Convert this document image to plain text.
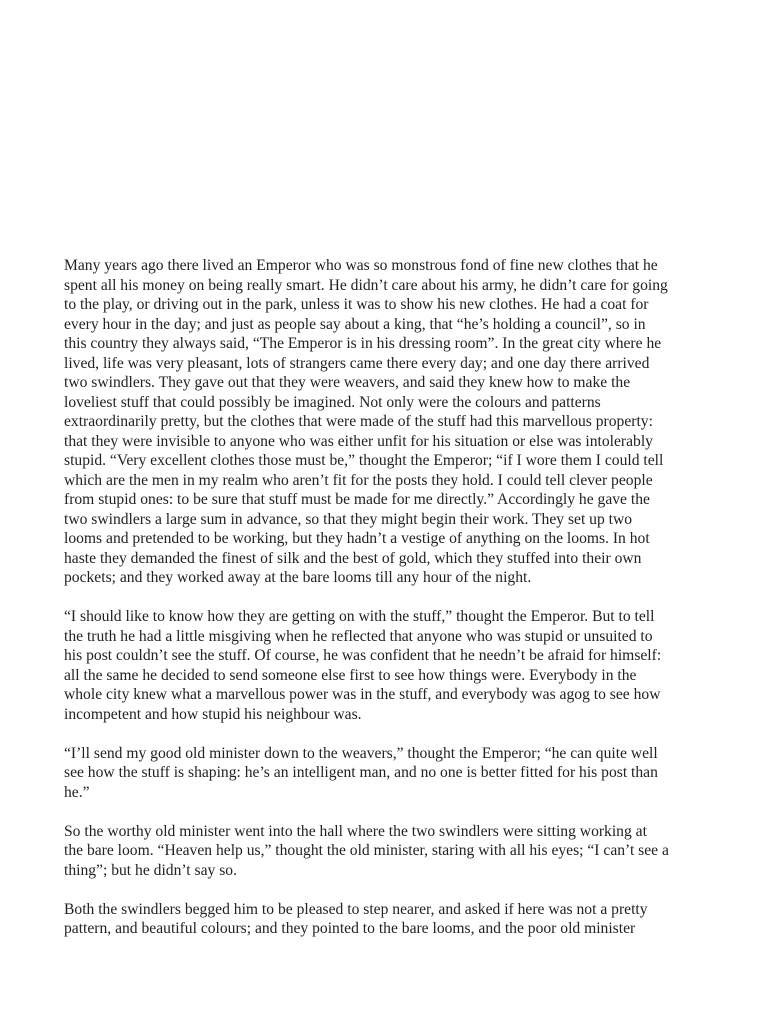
Many years ago there lived an Emperor who was so monstrous fond of fine new clothes that he
spent all his money on being really smart. He didn’t care about his army, he didn’t care for going
to the play, or driving out in the park, unless it was to show his new clothes. He had a coat for
every hour in the day; and just as people say about a king, that “he’s holding a council”, so in
this country they always said, “The Emperor is in his dressing room”. In the great city where he
lived, life was very pleasant, lots of strangers came there every day; and one day there arrived
two swindlers. They gave out that they were weavers, and said they knew how to make the
loveliest stuff that could possibly be imagined. Not only were the colours and patterns
extraordinarily pretty, but the clothes that were made of the stuff had this marvellous property:
that they were invisible to anyone who was either unfit for his situation or else was intolerably
stupid. “Very excellent clothes those must be,” thought the Emperor; “if I wore them I could tell
which are the men in my realm who aren’t fit for the posts they hold. I could tell clever people
from stupid ones: to be sure that stuff must be made for me directly.” Accordingly he gave the
two swindlers a large sum in advance, so that they might begin their work. They set up two
looms and pretended to be working, but they hadn’t a vestige of anything on the looms. In hot
haste they demanded the finest of silk and the best of gold, which they stuffed into their own
pockets; and they worked away at the bare looms till any hour of the night.

“I should like to know how they are getting on with the stuff,” thought the Emperor. But to tell
the truth he had a little misgiving when he reflected that anyone who was stupid or unsuited to
his post couldn’t see the stuff. Of course, he was confident that he needn’t be afraid for himself:
all the same he decided to send someone else first to see how things were. Everybody in the
whole city knew what a marvellous power was in the stuff, and everybody was agog to see how
incompetent and how stupid his neighbour was.

“I’ll send my good old minister down to the weavers,” thought the Emperor; “he can quite well
see how the stuff is shaping: he’s an intelligent man, and no one is better fitted for his post than
he.”

So the worthy old minister went into the hall where the two swindlers were sitting working at
the bare loom. “Heaven help us,” thought the old minister, staring with all his eyes; “I can’t see a
thing”; but he didn’t say so.

Both the swindlers begged him to be pleased to step nearer, and asked if here was not a pretty
pattern, and beautiful colours; and they pointed to the bare looms, and the poor old minister
